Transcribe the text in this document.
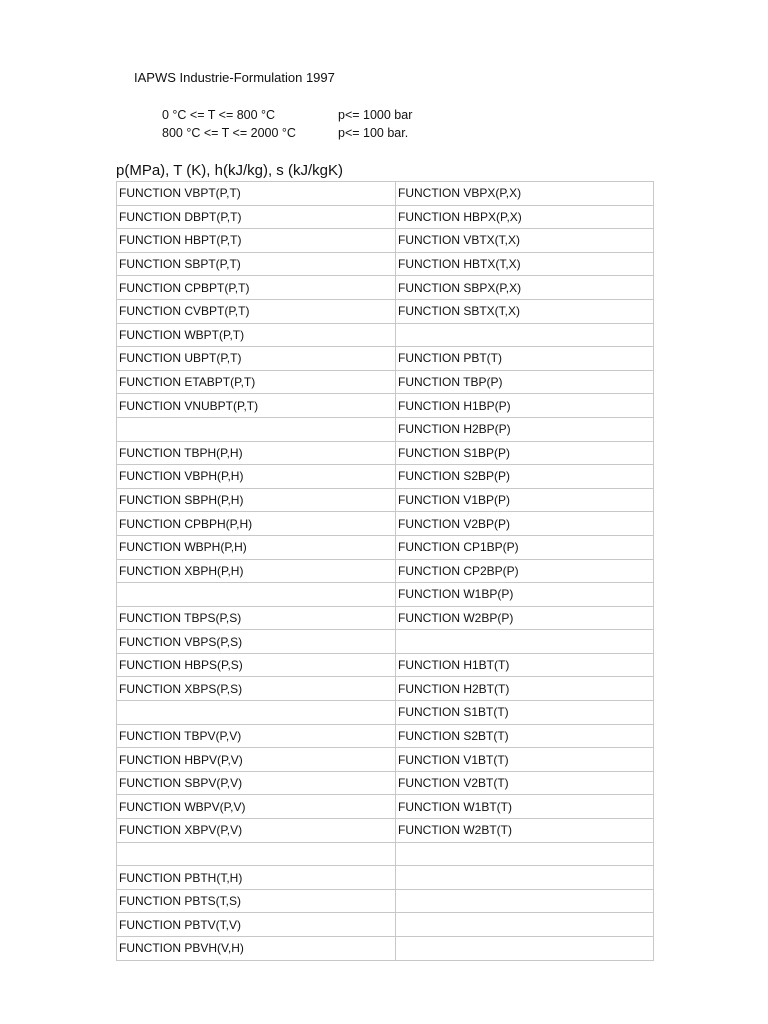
IAPWS Industrie-Formulation 1997
0 °C <= T <= 800 °C	p<= 1000 bar
800 °C <= T <= 2000 °C	p<= 100 bar.
p(MPa), T (K), h(kJ/kg), s (kJ/kgK)
FUNCTION VBPT(P,T)	FUNCTION VBPX(P,X)
FUNCTION DBPT(P,T)	FUNCTION HBPX(P,X)
FUNCTION HBPT(P,T)	FUNCTION VBTX(T,X)
FUNCTION SBPT(P,T)	FUNCTION HBTX(T,X)
FUNCTION CPBPT(P,T)	FUNCTION SBPX(P,X)
FUNCTION CVBPT(P,T)	FUNCTION SBTX(T,X)
FUNCTION WBPT(P,T)	
FUNCTION UBPT(P,T)	FUNCTION PBT(T)
FUNCTION ETABPT(P,T)	FUNCTION TBP(P)
FUNCTION VNUBPT(P,T)	FUNCTION H1BP(P)
	FUNCTION H2BP(P)
FUNCTION TBPH(P,H)	FUNCTION S1BP(P)
FUNCTION VBPH(P,H)	FUNCTION S2BP(P)
FUNCTION SBPH(P,H)	FUNCTION V1BP(P)
FUNCTION CPBPH(P,H)	FUNCTION V2BP(P)
FUNCTION WBPH(P,H)	FUNCTION CP1BP(P)
FUNCTION XBPH(P,H)	FUNCTION CP2BP(P)
	FUNCTION W1BP(P)
FUNCTION TBPS(P,S)	FUNCTION W2BP(P)
FUNCTION VBPS(P,S)	
FUNCTION HBPS(P,S)	FUNCTION H1BT(T)
FUNCTION XBPS(P,S)	FUNCTION H2BT(T)
	FUNCTION S1BT(T)
FUNCTION TBPV(P,V)	FUNCTION S2BT(T)
FUNCTION HBPV(P,V)	FUNCTION V1BT(T)
FUNCTION SBPV(P,V)	FUNCTION V2BT(T)
FUNCTION WBPV(P,V)	FUNCTION W1BT(T)
FUNCTION XBPV(P,V)	FUNCTION W2BT(T)

FUNCTION PBTH(T,H)	
FUNCTION PBTS(T,S)	
FUNCTION PBTV(T,V)	
FUNCTION PBVH(V,H)	
